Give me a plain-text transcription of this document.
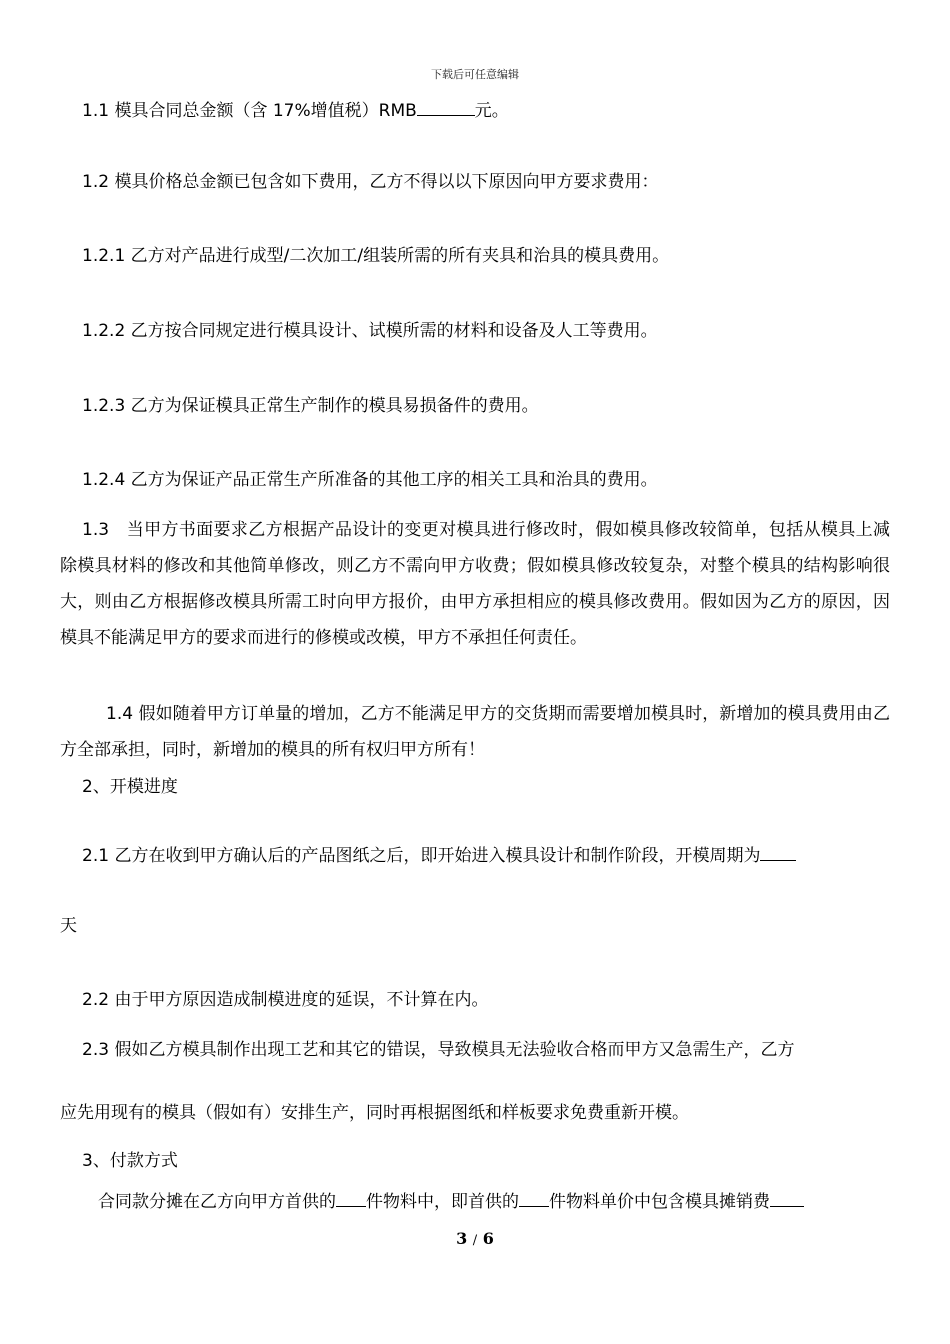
下载后可任意编辑
1.1 模具合同总金额（含 17%增值税）RMB	元。
1.2 模具价格总金额已包含如下费用，乙方不得以以下原因向甲方要求费用：
1.2.1 乙方对产品进行成型/二次加工/组装所需的所有夹具和治具的模具费用。
1.2.2 乙方按合同规定进行模具设计、试模所需的材料和设备及人工等费用。
1.2.3 乙方为保证模具正常生产制作的模具易损备件的费用。
1.2.4 乙方为保证产品正常生产所准备的其他工序的相关工具和治具的费用。
1.3　当甲方书面要求乙方根据产品设计的变更对模具进行修改时，假如模具修改较简单，包括从模具上减除模具材料的修改和其他简单修改，则乙方不需向甲方收费；假如模具修改较复杂，对整个模具的结构影响很大，则由乙方根据修改模具所需工时向甲方报价，由甲方承担相应的模具修改费用。假如因为乙方的原因，因模具不能满足甲方的要求而进行的修模或改模，甲方不承担任何责任。
1.4 假如随着甲方订单量的增加，乙方不能满足甲方的交货期而需要增加模具时，新增加的模具费用由乙方全部承担，同时，新增加的模具的所有权归甲方所有！
2、开模进度
2.1 乙方在收到甲方确认后的产品图纸之后，即开始进入模具设计和制作阶段，开模周期为
天
2.2 由于甲方原因造成制模进度的延误，不计算在内。
2.3 假如乙方模具制作出现工艺和其它的错误，导致模具无法验收合格而甲方又急需生产，乙方
应先用现有的模具（假如有）安排生产，同时再根据图纸和样板要求免费重新开模。
3、付款方式
合同款分摊在乙方向甲方首供的 件物料中，即首供的 件物料单价中包含模具摊销费
3 / 6
